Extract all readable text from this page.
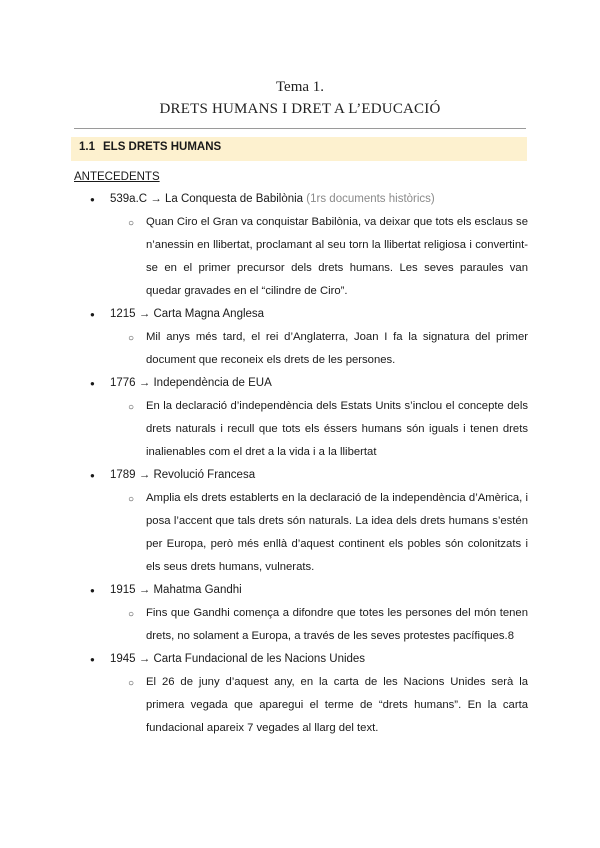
Tema 1.
DRETS HUMANS I DRET A L’EDUCACIÓ
1.1 ELS DRETS HUMANS
ANTECEDENTS
●
539a.C → La Conquesta de Babilònia (1rs documents històrics)
○
Quan Ciro el Gran va conquistar Babilònia, va deixar que tots els esclaus se n’anessin en llibertat, proclamant al seu torn la llibertat religiosa i convertint-se en el primer precursor dels drets humans. Les seves paraules van quedar gravades en el “cilindre de Ciro”.
●
1215 → Carta Magna Anglesa
○
Mil anys més tard, el rei d’Anglaterra, Joan I fa la signatura del primer document que reconeix els drets de les persones.
●
1776 → Independència de EUA
○
En la declaració d’independència dels Estats Units s’inclou el concepte dels drets naturals i recull que tots els éssers humans són iguals i tenen drets inalienables com el dret a la vida i a la llibertat
●
1789 → Revolució Francesa
○
Amplia els drets establerts en la declaració de la independència d’Amèrica, i posa l’accent que tals drets són naturals. La idea dels drets humans s’estén per Europa, però més enllà d’aquest continent els pobles són colonitzats i els seus drets humans, vulnerats.
●
1915 → Mahatma Gandhi
○
Fins que Gandhi comença a difondre que totes les persones del món tenen drets, no solament a Europa, a través de les seves protestes pacífiques.8
●
1945 → Carta Fundacional de les Nacions Unides
○
El 26 de juny d’aquest any, en la carta de les Nacions Unides serà la primera vegada que aparegui el terme de “drets humans”. En la carta fundacional apareix 7 vegades al llarg del text.
